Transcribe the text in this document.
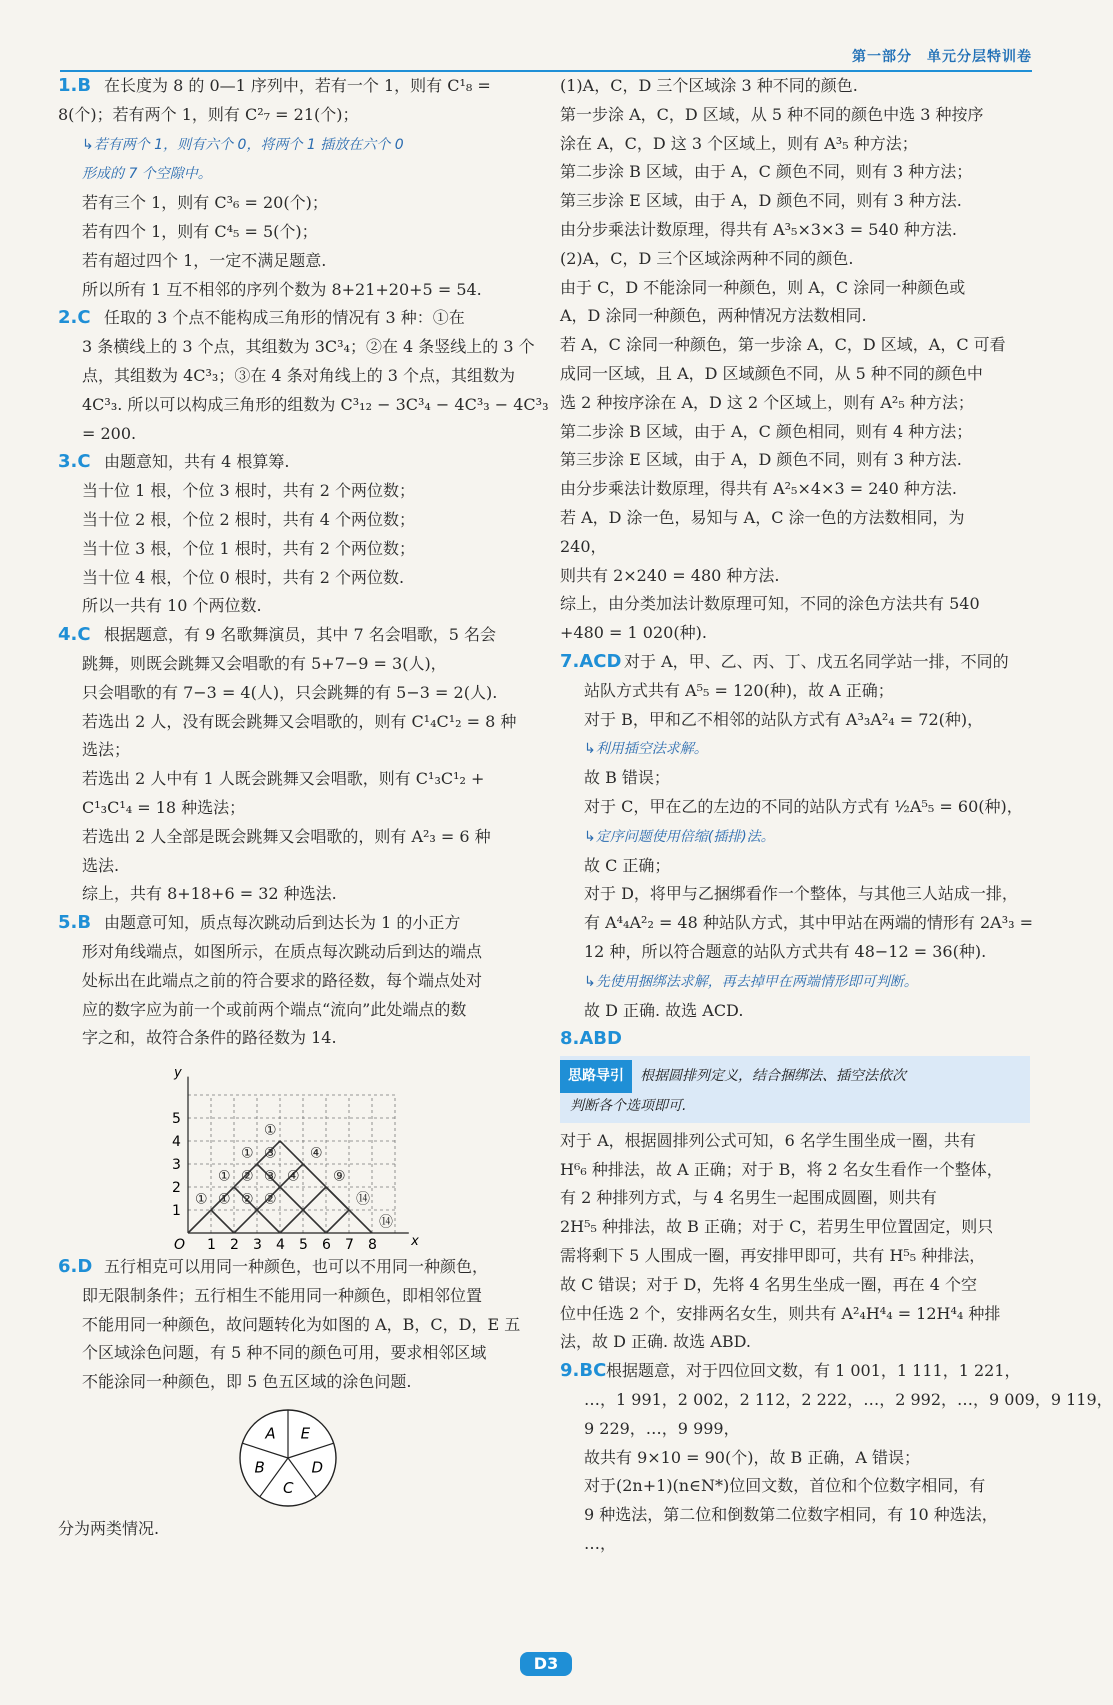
第一部分　单元分层特训卷
1.B 在长度为 8 的 0—1 序列中，若有一个 1，则有 C¹₈ =
8(个)；若有两个 1，则有 C²₇ = 21(个)；
↳若有两个 1，则有六个 0，将两个 1 插放在六个 0
形成的 7 个空隙中。
若有三个 1，则有 C³₆ = 20(个)；
若有四个 1，则有 C⁴₅ = 5(个)；
若有超过四个 1，一定不满足题意.
所以所有 1 互不相邻的序列个数为 8+21+20+5 = 54.
2.C 任取的 3 个点不能构成三角形的情况有 3 种：①在
3 条横线上的 3 个点，其组数为 3C³₄；②在 4 条竖线上的 3 个
点，其组数为 4C³₃；③在 4 条对角线上的 3 个点，其组数为
4C³₃. 所以可以构成三角形的组数为 C³₁₂ − 3C³₄ − 4C³₃ − 4C³₃
= 200.
3.C 由题意知，共有 4 根算筹.
当十位 1 根，个位 3 根时，共有 2 个两位数；
当十位 2 根，个位 2 根时，共有 4 个两位数；
当十位 3 根，个位 1 根时，共有 2 个两位数；
当十位 4 根，个位 0 根时，共有 2 个两位数.
所以一共有 10 个两位数.
4.C 根据题意，有 9 名歌舞演员，其中 7 名会唱歌，5 名会
跳舞，则既会跳舞又会唱歌的有 5+7−9 = 3(人)，
只会唱歌的有 7−3 = 4(人)，只会跳舞的有 5−3 = 2(人).
若选出 2 人，没有既会跳舞又会唱歌的，则有 C¹₄C¹₂ = 8 种
选法；
若选出 2 人中有 1 人既会跳舞又会唱歌，则有 C¹₃C¹₂ +
C¹₃C¹₄ = 18 种选法；
若选出 2 人全部是既会跳舞又会唱歌的，则有 A²₃ = 6 种
选法.
综上，共有 8+18+6 = 32 种选法.
5.B 由题意可知，质点每次跳动后到达长为 1 的小正方
形对角线端点，如图所示，在质点每次跳动后到达的端点
处标出在此端点之前的符合要求的路径数，每个端点处对
应的数字应为前一个或前两个端点“流向”此处端点的数
字之和，故符合条件的路径数为 14.
1 2 3 4 5 6 7 8
1
2
3
4
5
O	x
y
①
①
①
①
②
①
③ ④
②
③ ④
②
⑨
⑭
⑭
6.D 五行相克可以用同一种颜色，也可以不用同一种颜色，
即无限制条件；五行相生不能用同一种颜色，即相邻位置
不能用同一种颜色，故问题转化为如图的 A，B，C，D，E 五
个区域涂色问题，有 5 种不同的颜色可用，要求相邻区域
不能涂同一种颜色，即 5 色五区域的涂色问题.
A E
B	D
C
分为两类情况.
(1)A，C，D 三个区域涂 3 种不同的颜色.
第一步涂 A，C，D 区域，从 5 种不同的颜色中选 3 种按序
涂在 A，C，D 这 3 个区域上，则有 A³₅ 种方法；
第二步涂 B 区域，由于 A，C 颜色不同，则有 3 种方法；
第三步涂 E 区域，由于 A，D 颜色不同，则有 3 种方法.
由分步乘法计数原理，得共有 A³₅×3×3 = 540 种方法.
(2)A，C，D 三个区域涂两种不同的颜色.
由于 C，D 不能涂同一种颜色，则 A，C 涂同一种颜色或
A，D 涂同一种颜色，两种情况方法数相同.
若 A，C 涂同一种颜色，第一步涂 A，C，D 区域，A，C 可看
成同一区域，且 A，D 区域颜色不同，从 5 种不同的颜色中
选 2 种按序涂在 A，D 这 2 个区域上，则有 A²₅ 种方法；
第二步涂 B 区域，由于 A，C 颜色相同，则有 4 种方法；
第三步涂 E 区域，由于 A，D 颜色不同，则有 3 种方法.
由分步乘法计数原理，得共有 A²₅×4×3 = 240 种方法.
若 A，D 涂一色，易知与 A，C 涂一色的方法数相同，为
240，
则共有 2×240 = 480 种方法.
综上，由分类加法计数原理可知，不同的涂色方法共有 540
+480 = 1 020(种).
7.ACD 对于 A，甲、乙、丙、丁、戊五名同学站一排，不同的
站队方式共有 A⁵₅ = 120(种)，故 A 正确；
对于 B，甲和乙不相邻的站队方式有 A³₃A²₄ = 72(种)，
↳利用插空法求解。
故 B 错误；
对于 C，甲在乙的左边的不同的站队方式有 ½A⁵₅ = 60(种)，
↳定序问题使用倍缩(插排)法。
故 C 正确；
对于 D，将甲与乙捆绑看作一个整体，与其他三人站成一排，
有 A⁴₄A²₂ = 48 种站队方式，其中甲站在两端的情形有 2A³₃ =
12 种，所以符合题意的站队方式共有 48−12 = 36(种).
↳先使用捆绑法求解，再去掉甲在两端情形即可判断。
故 D 正确. 故选 ACD.
8.ABD
思路导引 根据圆排列定义，结合捆绑法、插空法依次
判断各个选项即可.
对于 A，根据圆排列公式可知，6 名学生围坐成一圈，共有
H⁶₆ 种排法，故 A 正确；对于 B，将 2 名女生看作一个整体，
有 2 种排列方式，与 4 名男生一起围成圆圈，则共有
2H⁵₅ 种排法，故 B 正确；对于 C，若男生甲位置固定，则只
需将剩下 5 人围成一圈，再安排甲即可，共有 H⁵₅ 种排法，
故 C 错误；对于 D，先将 4 名男生坐成一圈，再在 4 个空
位中任选 2 个，安排两名女生，则共有 A²₄H⁴₄ = 12H⁴₄ 种排
法，故 D 正确. 故选 ABD.
9.BC根据题意，对于四位回文数，有 1 001，1 111，1 221，
…，1 991，2 002，2 112，2 222，…，2 992，…，9 009，9 119，
9 229，…，9 999，
故共有 9×10 = 90(个)，故 B 正确，A 错误；
对于(2n+1)(n∈N*)位回文数，首位和个位数字相同，有
9 种选法，第二位和倒数第二位数字相同，有 10 种选法，
…，
D3
